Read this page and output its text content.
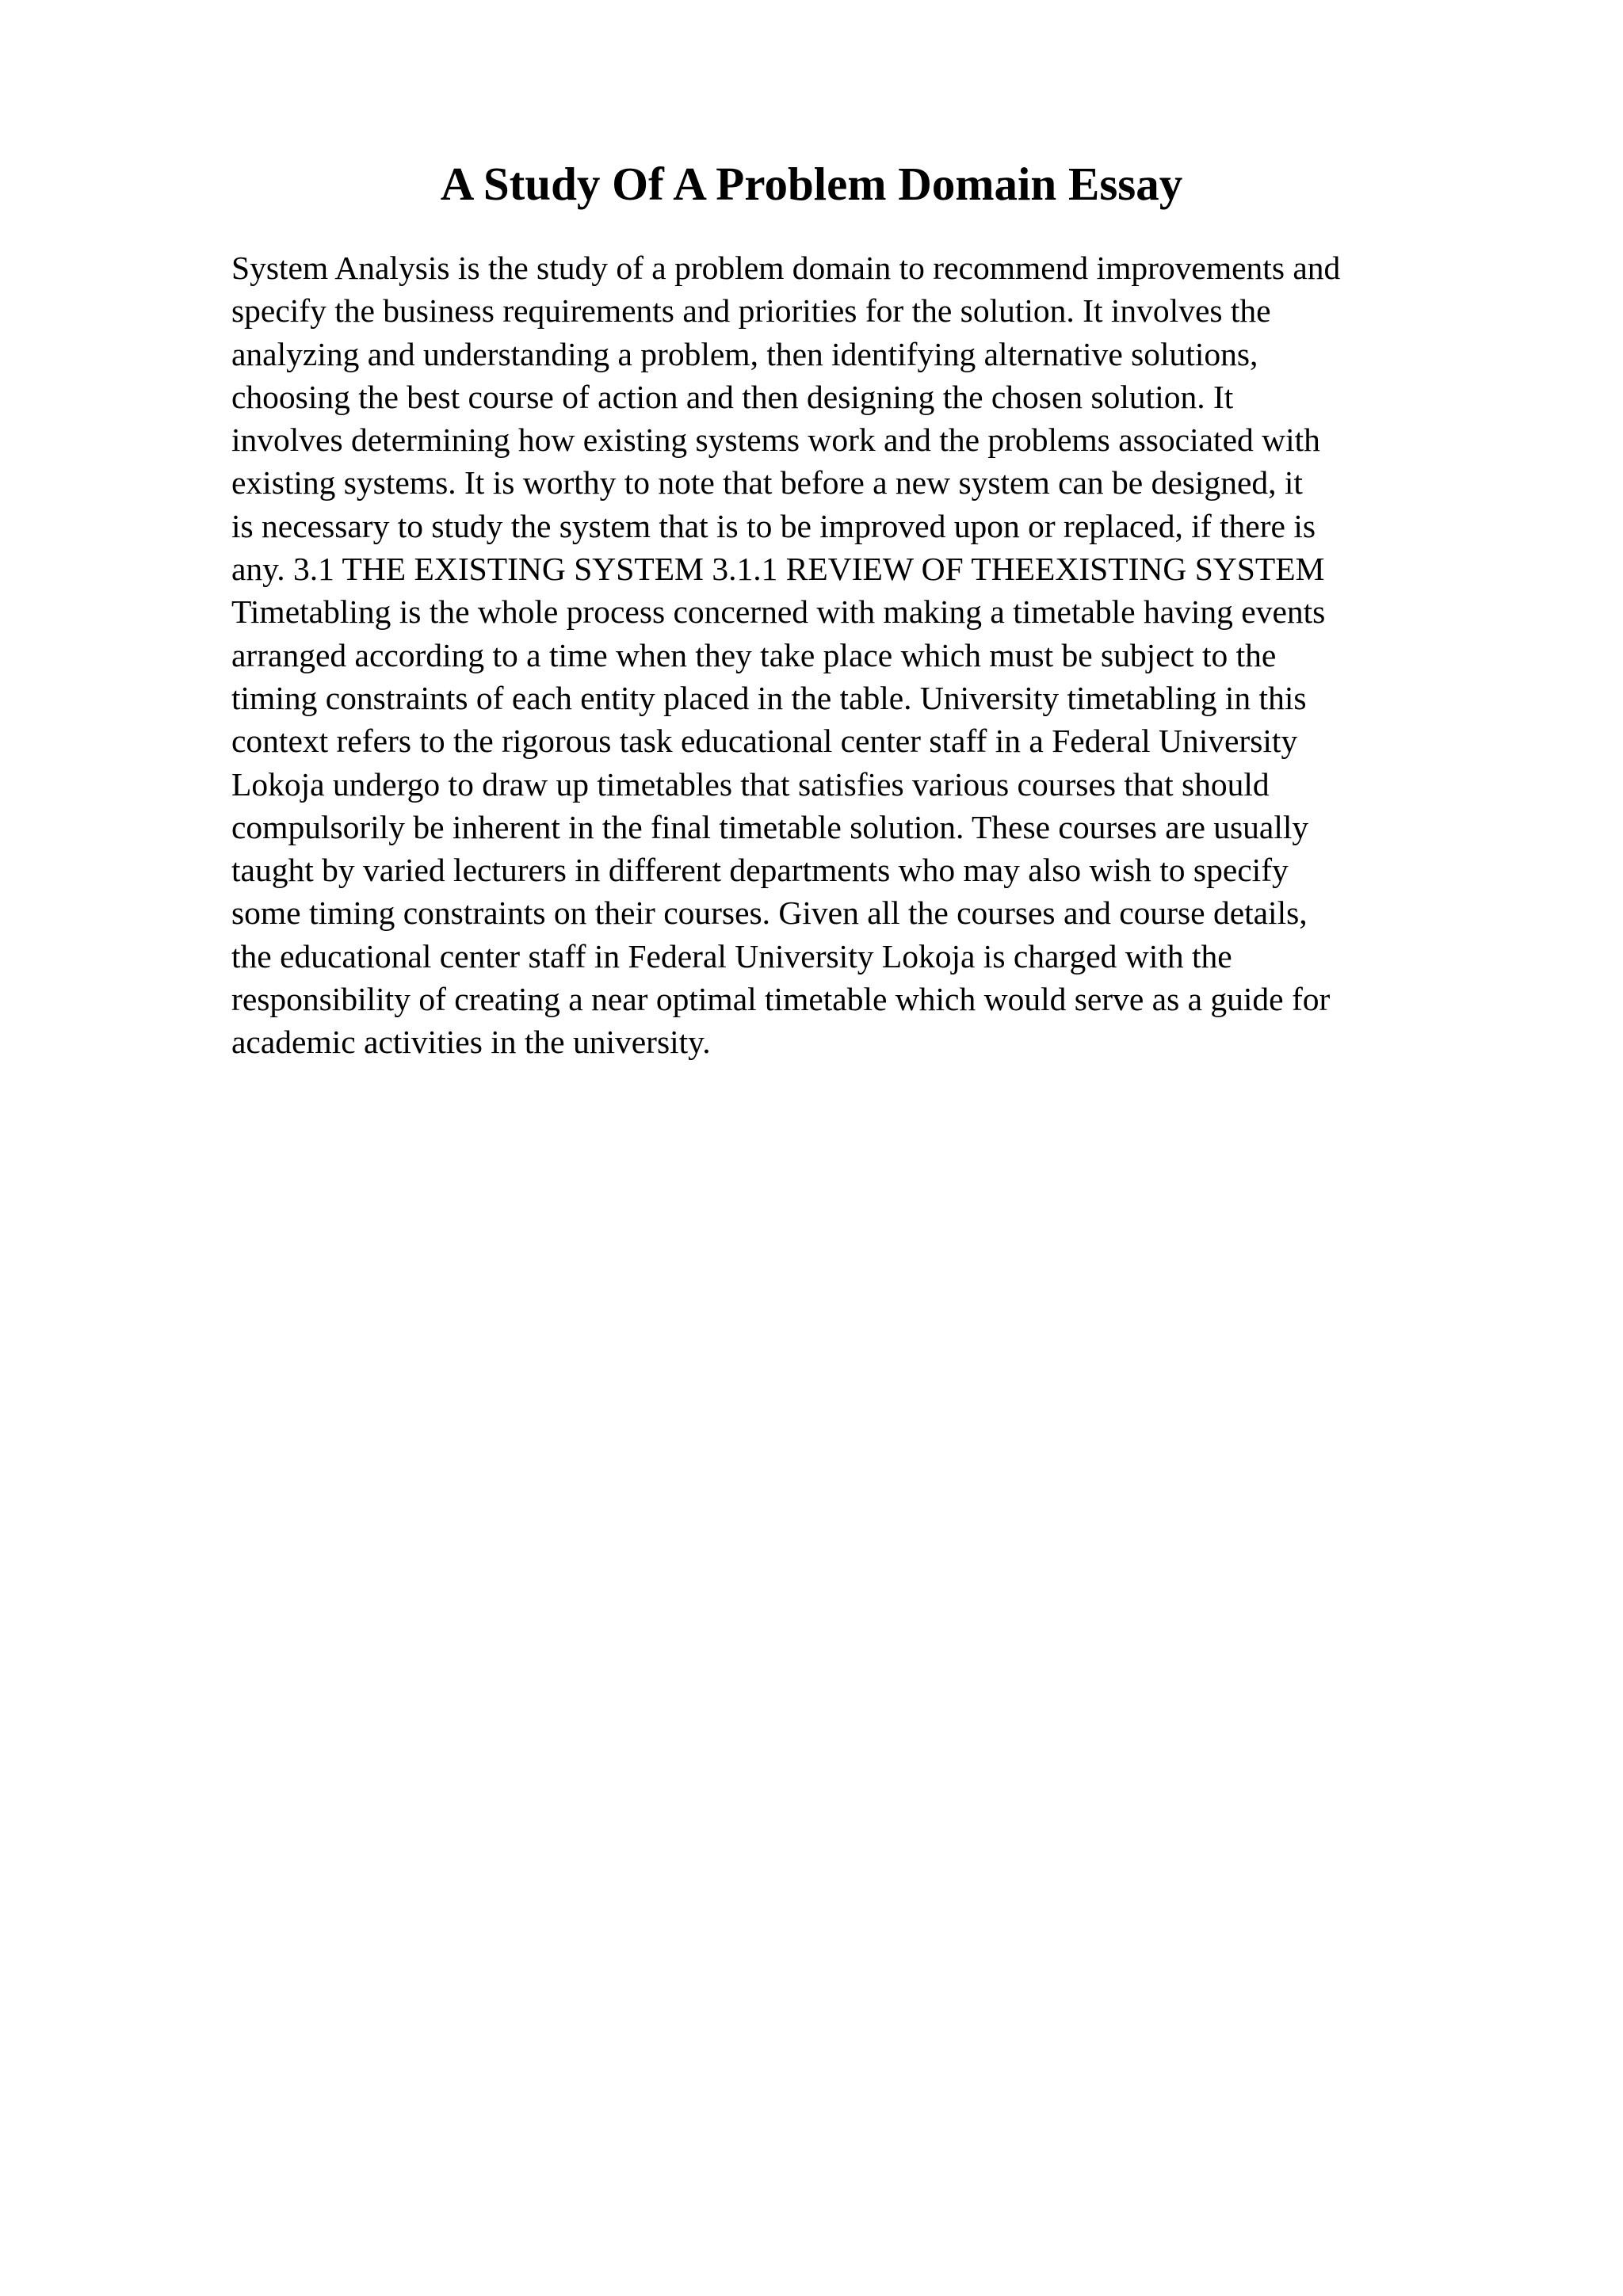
A Study Of A Problem Domain Essay
System Analysis is the study of a problem domain to recommend improvements and
specify the business requirements and priorities for the solution. It involves the
analyzing and understanding a problem, then identifying alternative solutions,
choosing the best course of action and then designing the chosen solution. It
involves determining how existing systems work and the problems associated with
existing systems. It is worthy to note that before a new system can be designed, it
is necessary to study the system that is to be improved upon or replaced, if there is
any. 3.1 THE EXISTING SYSTEM 3.1.1 REVIEW OF THEEXISTING SYSTEM
Timetabling is the whole process concerned with making a timetable having events
arranged according to a time when they take place which must be subject to the
timing constraints of each entity placed in the table. University timetabling in this
context refers to the rigorous task educational center staff in a Federal University
Lokoja undergo to draw up timetables that satisfies various courses that should
compulsorily be inherent in the final timetable solution. These courses are usually
taught by varied lecturers in different departments who may also wish to specify
some timing constraints on their courses. Given all the courses and course details,
the educational center staff in Federal University Lokoja is charged with the
responsibility of creating a near optimal timetable which would serve as a guide for
academic activities in the university.
